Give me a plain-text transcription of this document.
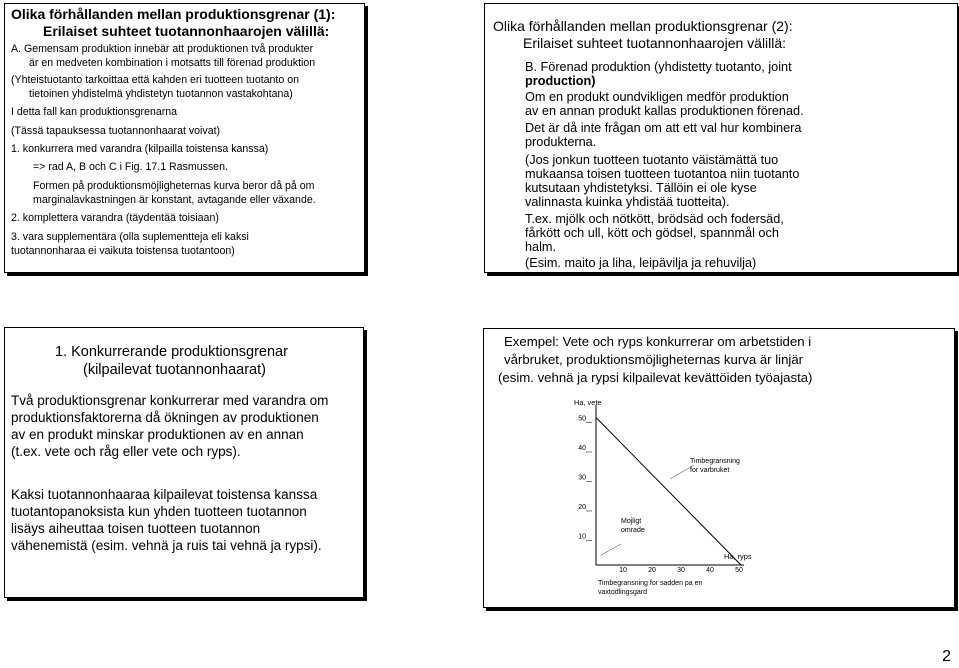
Olika förhållanden mellan produktionsgrenar (1):
Erilaiset suhteet tuotannonhaarojen välillä:
A. Gemensam produktion innebär att produktionen två produkter
är en medveten kombination i motsatts till förenad produktion
(Yhteistuotanto tarkoittaa että kahden eri tuotteen tuotanto on
tietoinen yhdistelmä yhdistetyn tuotannon vastakohtana)
I detta fall kan produktionsgrenarna
(Tässä tapauksessa tuotannonhaarat voivat)
1. konkurrera med varandra (kilpailla toistensa kanssa)
=> rad A, B och C i Fig. 17.1 Rasmussen.
Formen på produktionsmöjligheternas kurva beror då på om
marginalavkastningen är konstant, avtagande eller växande.
2. komplettera varandra (täydentää toisiaan)
3. vara supplementära (olla suplementteja eli kaksi
tuotannonharaa ei vaikuta toistensa tuotantoon)
Olika förhållanden mellan produktionsgrenar (2):
Erilaiset suhteet tuotannonhaarojen välillä:
B. Förenad produktion (yhdistetty tuotanto, joint
production)
Om en produkt oundvikligen medför produktion
av en annan produkt kallas produktionen förenad.
Det är då inte frågan om att ett val hur kombinera
produkterna.
(Jos jonkun tuotteen tuotanto väistämättä tuo
mukaansa toisen tuotteen tuotantoa niin tuotanto
kutsutaan yhdistetyksi. Tällöin ei ole kyse
valinnasta kuinka yhdistää tuotteita).
T.ex. mjölk och nötkött, brödsäd och fodersäd,
fårkött och ull, kött och gödsel, spannmål och
halm.
(Esim. maito ja liha, leipävilja ja rehuvilja)
1. Konkurrerande produktionsgrenar
(kilpailevat tuotannonhaarat)
Två produktionsgrenar konkurrerar med varandra om
produktionsfaktorerna då ökningen av produktionen
av en produkt minskar produktionen av en annan
(t.ex. vete och råg eller vete och ryps).
Kaksi tuotannonhaaraa kilpailevat toistensa kanssa
tuotantopanoksista kun yhden tuotteen tuotannon
lisäys aiheuttaa toisen tuotteen tuotannon
vähenemistä (esim. vehnä ja ruis tai vehnä ja rypsi).
Exempel: Vete och ryps konkurrerar om arbetstiden i
vårbruket, produktionsmöjligheternas kurva är linjär
(esim. vehnä ja rypsi kilpailevat kevättöiden työajasta)
10
20
30
40
50
10	20	30	40	50
Ha, vete
Ha, ryps
Timbegransning for varbruket
Mojligt omrade
Timbegransning for sadden pa en vaxtodlingsgard
2
